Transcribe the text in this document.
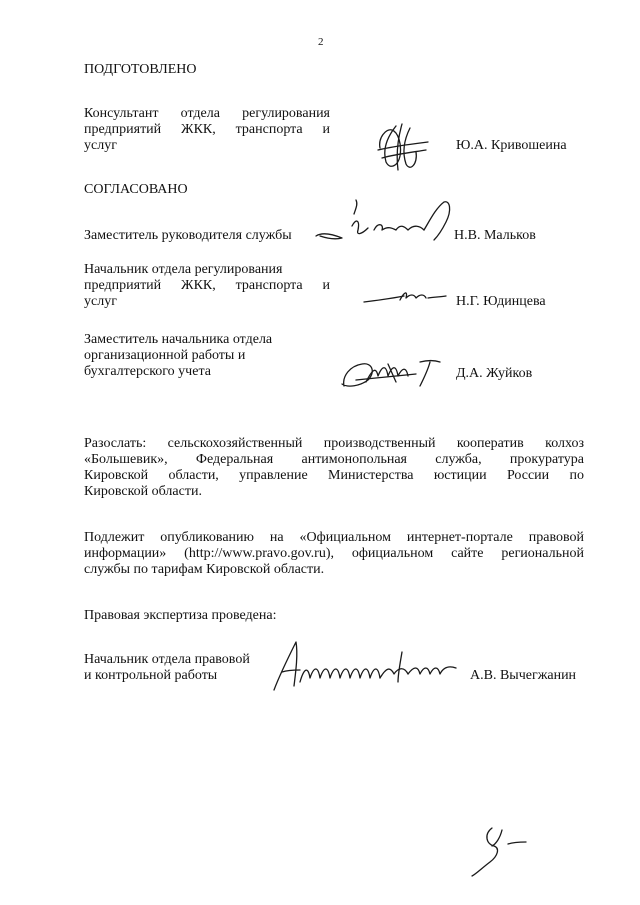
2
ПОДГОТОВЛЕНО
Консультант отдела регулирования
предприятий ЖКК, транспорта и
услуг	Ю.А. Кривошеина
СОГЛАСОВАНО
Заместитель руководителя службы	Н.В. Мальков
Начальник отдела регулирования
предприятий ЖКК, транспорта и
услуг	Н.Г. Юдинцева
Заместитель начальника отдела
организационной работы и
бухгалтерского учета	Д.А. Жуйков
Разослать: сельскохозяйственный производственный кооператив колхоз
«Большевик», Федеральная антимонопольная служба, прокуратура
Кировской области, управление Министерства юстиции России по
Кировской области.
Подлежит опубликованию на «Официальном интернет-портале правовой
информации» (http://www.pravo.gov.ru), официальном сайте региональной
службы по тарифам Кировской области.
Правовая экспертиза проведена:
Начальник отдела правовой
и контрольной работы	А.В. Вычегжанин
